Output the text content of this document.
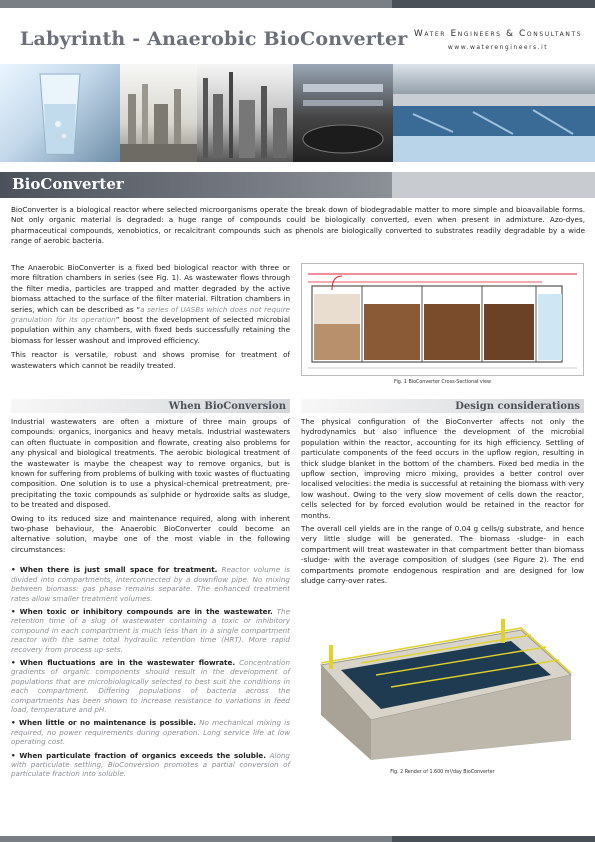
Labyrinth - Anaerobic BioConverter Water Engineers & Consultants
www.waterengineers.it
BioConverter

BioConverter is a biological reactor where selected microorganisms operate the break down of biodegradable matter to more simple and bioavailable forms. Not only organic material is degraded: a huge range of compounds could be biologically converted, even when present in admixture. Azo-dyes, pharmaceutical compounds, xenobiotics, or recalcitrant compounds such as phenols are biologically converted to substrates readily degradable by a wide range of aerobic bacteria.

The Anaerobic BioConverter is a fixed bed biological reactor with three or more filtration chambers in series (see Fig. 1). As wastewater flows through the filter media, particles are trapped and matter degraded by the active biomass attached to the surface of the filter material. Filtration chambers in series, which can be described as “a series of UASBs which does not require granulation for its operation” boost the development of selected microbial population within any chambers, with fixed beds successfully retaining the biomass for lesser washout and improved efficiency.

This reactor is versatile, robust and shows promise for treatment of wastewaters which cannot be readily treated.

Fig. 1 BioConverter Cross-Sectional view
When BioConversion	Design considerations

Industrial wastewaters are often a mixture of three main groups of compounds: organics, inorganics and heavy metals. Industrial wastewaters can often fluctuate in composition and flowrate, creating also problems for any physical and biological treatments. The aerobic biological treatment of the wastewater is maybe the cheapest way to remove organics, but is known for suffering from problems of bulking with toxic wastes of fluctuating composition. One solution is to use a physical-chemical pretreatment, pre-precipitating the toxic compounds as sulphide or hydroxide salts as sludge, to be treated and disposed.

Owing to its reduced size and maintenance required, along with inherent two-phase behaviour, the Anaerobic BioConverter could become an alternative solution, maybe one of the most viable in the following circumstances:

• When there is just small space for treatment. Reactor volume is divided into compartments, interconnected by a downflow pipe. No mixing between biomass: gas phase remains separate. The enhanced treatment rates allow smaller treatment volumes.
• When toxic or inhibitory compounds are in the wastewater. The retention time of a slug of wastewater containing a toxic or inhibitory compound in each compartment is much less than in a single compartment reactor with the same total hydraulic retention time (HRT). More rapid recovery from process up-sets.
• When fluctuations are in the wastewater flowrate. Concentration gradients of organic components should result in the development of populations that are microbiologically selected to best suit the conditions in each compartment. Differing populations of bacteria across the compartments has been shown to increase resistance to variations in feed load, temperature and pH.
• When little or no maintenance is possible. No mechanical mixing is required, no power requirements during operation. Long service life at low operating cost.
• When particulate fraction of organics exceeds the soluble. Along with particulate settling, BioConversion promotes a partial conversion of particulate fraction into soluble.

The physical configuration of the BioConverter affects not only the hydrodynamics but also influence the development of the microbial population within the reactor, accounting for its high efficiency. Settling of particulate components of the feed occurs in the upflow region, resulting in thick sludge blanket in the bottom of the chambers. Fixed bed media in the upflow section, improving micro mixing, provides a better control over localised velocities: the media is successful at retaining the biomass with very low washout. Owing to the very slow movement of cells down the reactor, cells selected for by forced evolution would be retained in the reactor for months.

The overall cell yields are in the range of 0.04 g cells/g substrate, and hence very little sludge will be generated. The biomass -sludge- in each compartment will treat wastewater in that compartment better than biomass -sludge- with the average composition of sludges (see Figure 2). The end compartments promote endogenous respiration and are designed for low sludge carry-over rates.

Fig. 2 Render of 1.600 m³/day BioConverter
